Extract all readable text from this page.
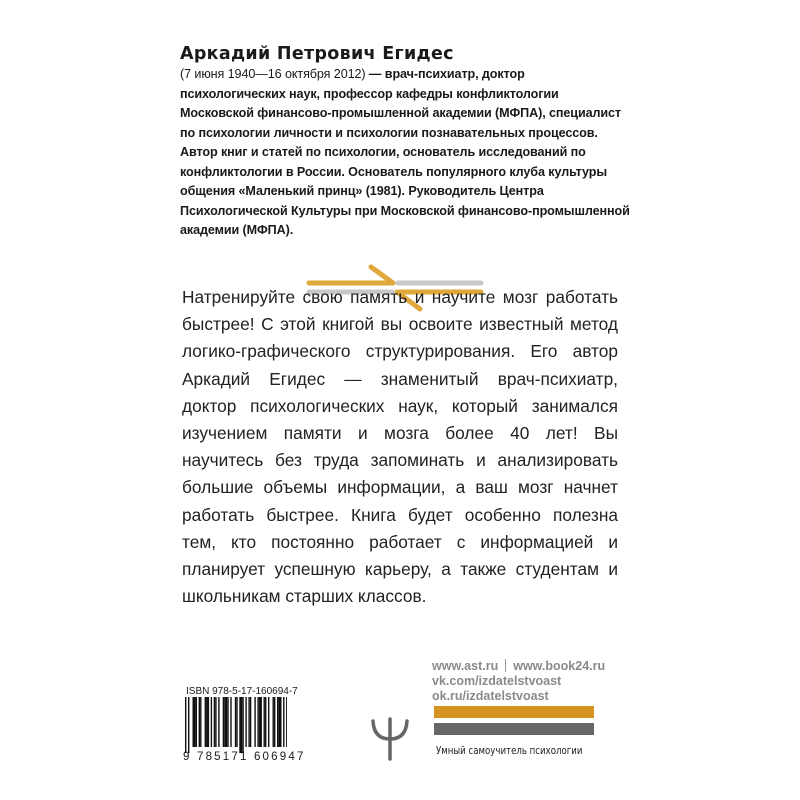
Аркадий Петрович Егидес

(7 июня 1940—16 октября 2012) — врач-психиатр, доктор психологических наук, профессор кафедры конфликтологии Московской финансово-промышленной академии (МФПА), специалист по психологии личности и психологии познавательных процессов. Автор книг и статей по психологии, основатель исследований по конфликтологии в России. Основатель популярного клуба культуры общения «Маленький принц» (1981). Руководитель Центра Психологической Культуры при Московской финансово-промышленной академии (МФПА).

Натренируйте свою память и научите мозг работать быстрее! С этой книгой вы освоите известный метод логико-графического структурирования. Его автор Аркадий Егидес — знаменитый врач-психиатр, доктор психологических наук, который занимался изучением памяти и мозга более 40 лет! Вы научитесь без труда запоминать и анализировать большие объемы информации, а ваш мозг начнет работать быстрее. Книга будет особенно полезна тем, кто постоянно работает с информацией и планирует успешную карьеру, а также студентам и школьникам старших классов.
ISBN 978-5-17-160694-7
9 785171 606947
www.ast.ru www.book24.ru
vk.com/izdatelstvoast
ok.ru/izdatelstvoast
Умный самоучитель психологии
